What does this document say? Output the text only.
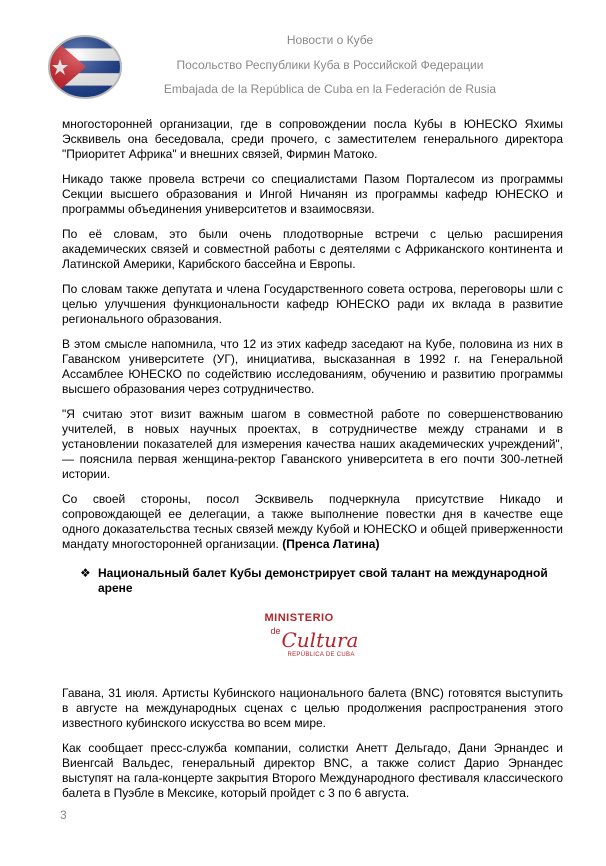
Новости о Кубе
Посольство Республики Куба в Российской Федерации
Embajada de la República de Cuba en la Federación de Rusia

многосторонней организации, где в сопровождении посла Кубы в ЮНЕСКО Яхимы Эсквивель она беседовала, среди прочего, с заместителем генерального директора "Приоритет Африка" и внешних связей, Фирмин Матоко.

Никадо также провела встречи со специалистами Пазом Порталесом из программы Секции высшего образования и Ингой Ничанян из программы кафедр ЮНЕСКО и программы объединения университетов и взаимосвязи.

По её словам, это были очень плодотворные встречи с целью расширения академических связей и совместной работы с деятелями с Африканского континента и Латинской Америки, Карибского бассейна и Европы.

По словам также депутата и члена Государственного совета острова, переговоры шли с целью улучшения функциональности кафедр ЮНЕСКО ради их вклада в развитие регионального образования.

В этом смысле напомнила, что 12 из этих кафедр заседают на Кубе, половина из них в Гаванском университете (УГ), инициатива, высказанная в 1992 г. на Генеральной Ассамблее ЮНЕСКО по содействию исследованиям, обучению и развитию программы высшего образования через сотрудничество.

"Я считаю этот визит важным шагом в совместной работе по совершенствованию учителей, в новых научных проектах, в сотрудничестве между странами и в установлении показателей для измерения качества наших академических учреждений", — пояснила первая женщина-ректор Гаванского университета в его почти 300-летней истории.

Со своей стороны, посол Эсквивель подчеркнула присутствие Никадо и сопровождающей ее делегации, а также выполнение повестки дня в качестве еще одного доказательства тесных связей между Кубой и ЮНЕСКО и общей приверженности мандату многосторонней организации. (Пренса Латина)

❖ Национальный балет Кубы демонстрирует свой талант на международной арене
MINISTERIO
de Cultura
REPÚBLICA DE CUBA

Гавана, 31 июля. Артисты Кубинского национального балета (BNC) готовятся выступить в августе на международных сценах с целью продолжения распространения этого известного кубинского искусства во всем мире.

Как сообщает пресс-служба компании, солистки Анетт Дельгадо, Дани Эрнандес и Виенгсай Вальдес, генеральный директор BNC, а также солист Дарио Эрнандес выступят на гала-концерте закрытия Второго Международного фестиваля классического балета в Пуэбле в Мексике, который пройдет с 3 по 6 августа.

3
